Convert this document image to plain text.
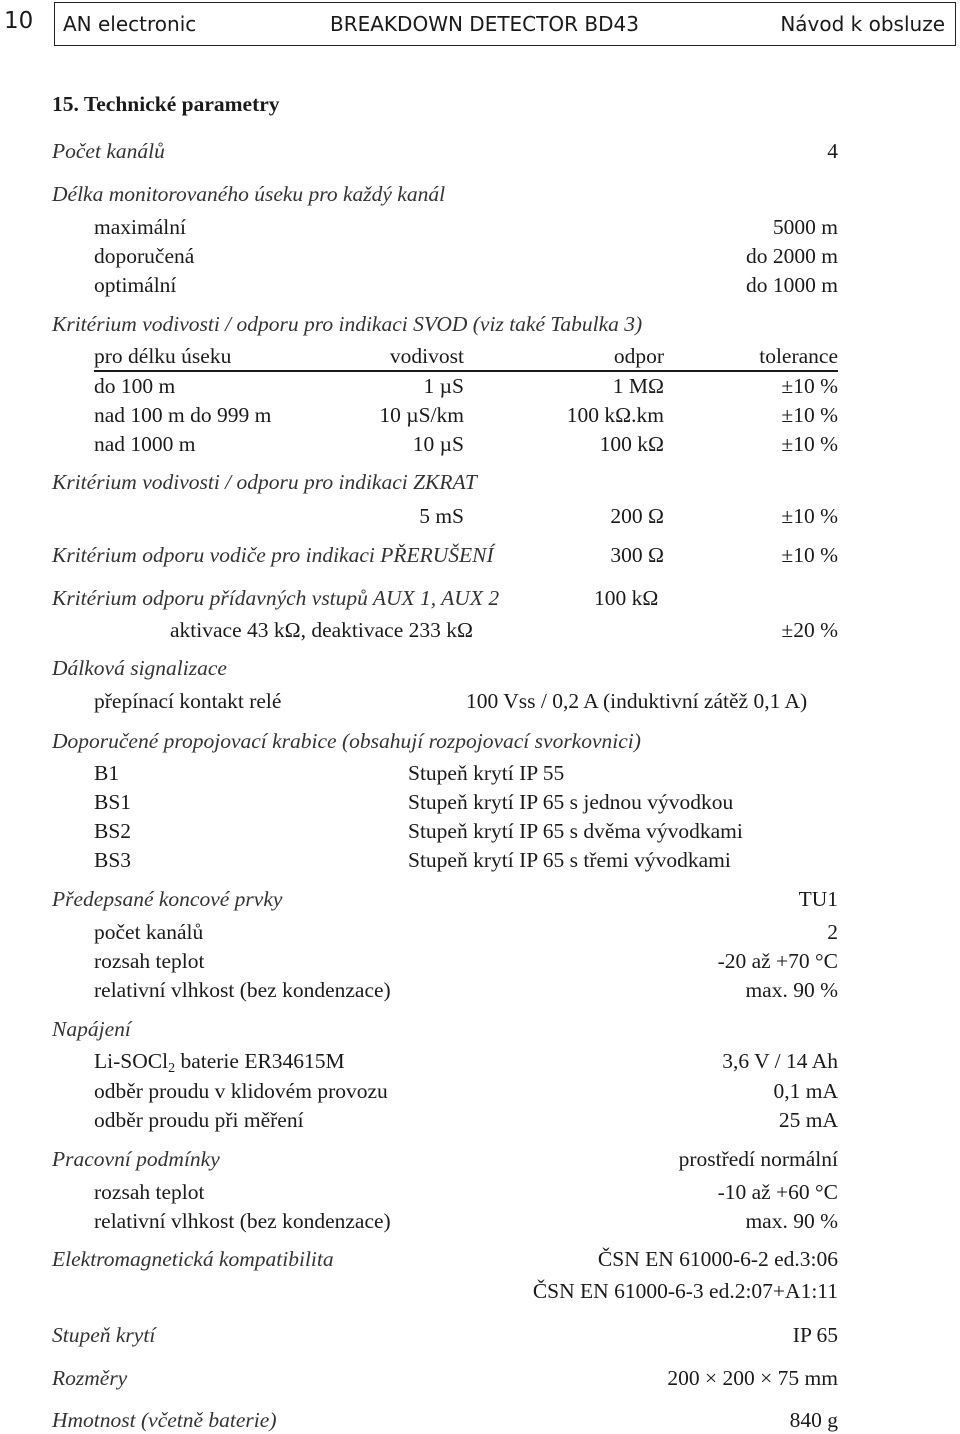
10 AN electronic	BREAKDOWN DETECTOR BD43	Návod k obsluze
15. Technické parametry
Počet kanálů	4
Délka monitorovaného úseku pro každý kanál
maximální	5000 m
doporučená	do 2000 m
optimální	do 1000 m
Kritérium vodivosti / odporu pro indikaci SVOD (viz také Tabulka 3)
pro délku úseku	vodivost	odpor	tolerance
do 100 m	1 µS	1 MΩ	±10 %
nad 100 m do 999 m	10 µS/km	100 kΩ.km	±10 %
nad 1000 m	10 µS	100 kΩ	±10 %
Kritérium vodivosti / odporu pro indikaci ZKRAT
5 mS	200 Ω	±10 %
Kritérium odporu vodiče pro indikaci PŘERUŠENÍ	300 Ω	±10 %
Kritérium odporu přídavných vstupů AUX 1, AUX 2	100 kΩ
aktivace 43 kΩ, deaktivace 233 kΩ	±20 %
Dálková signalizace
přepínací kontakt relé	100 Vss / 0,2 A (induktivní zátěž 0,1 A)
Doporučené propojovací krabice (obsahují rozpojovací svorkovnici)
B1	Stupeň krytí IP 55
BS1	Stupeň krytí IP 65 s jednou vývodkou
BS2	Stupeň krytí IP 65 s dvěma vývodkami
BS3	Stupeň krytí IP 65 s třemi vývodkami
Předepsané koncové prvky	TU1
počet kanálů	2
rozsah teplot	-20 až +70 °C
relativní vlhkost (bez kondenzace)	max. 90 %
Napájení
Li-SOCl$_2$ baterie ER34615M	3,6 V / 14 Ah
odběr proudu v klidovém provozu	0,1 mA
odběr proudu při měření	25 mA
Pracovní podmínky	prostředí normální
rozsah teplot	-10 až +60 °C
relativní vlhkost (bez kondenzace)	max. 90 %
Elektromagnetická kompatibilita	ČSN EN 61000-6-2 ed.3:06
ČSN EN 61000-6-3 ed.2:07+A1:11
Stupeň krytí	IP 65
Rozměry	200 × 200 × 75 mm
Hmotnost (včetně baterie)	840 g
